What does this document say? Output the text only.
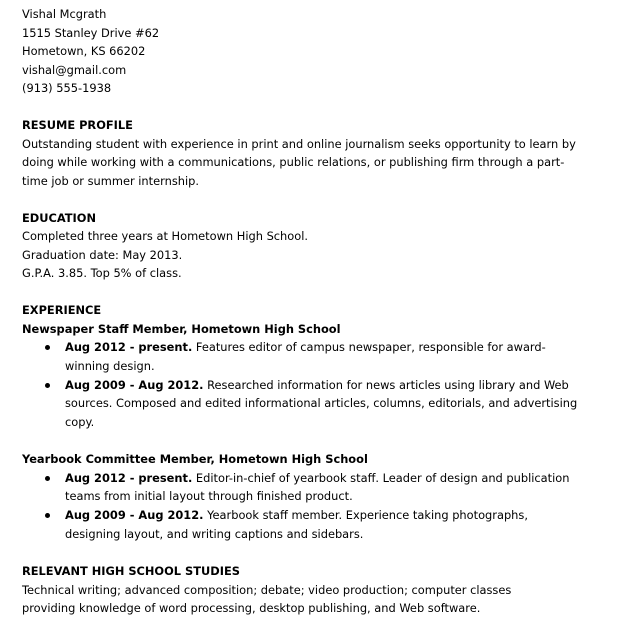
Vishal Mcgrath
1515 Stanley Drive #62
Hometown, KS 66202
vishal@gmail.com
(913) 555-1938
RESUME PROFILE
Outstanding student with experience in print and online journalism seeks opportunity to learn by doing while working with a communications, public relations, or publishing firm through a part-time job or summer internship.
EDUCATION
Completed three years at Hometown High School.
Graduation date: May 2013.
G.P.A. 3.85. Top 5% of class.
EXPERIENCE
Newspaper Staff Member, Hometown High School
Aug 2012 - present. Features editor of campus newspaper, responsible for award-winning design.
Aug 2009 - Aug 2012. Researched information for news articles using library and Web sources. Composed and edited informational articles, columns, editorials, and advertising copy.
Yearbook Committee Member, Hometown High School
Aug 2012 - present. Editor-in-chief of yearbook staff. Leader of design and publication teams from initial layout through finished product.
Aug 2009 - Aug 2012. Yearbook staff member. Experience taking photographs, designing layout, and writing captions and sidebars.
RELEVANT HIGH SCHOOL STUDIES
Technical writing; advanced composition; debate; video production; computer classes providing knowledge of word processing, desktop publishing, and Web software.
